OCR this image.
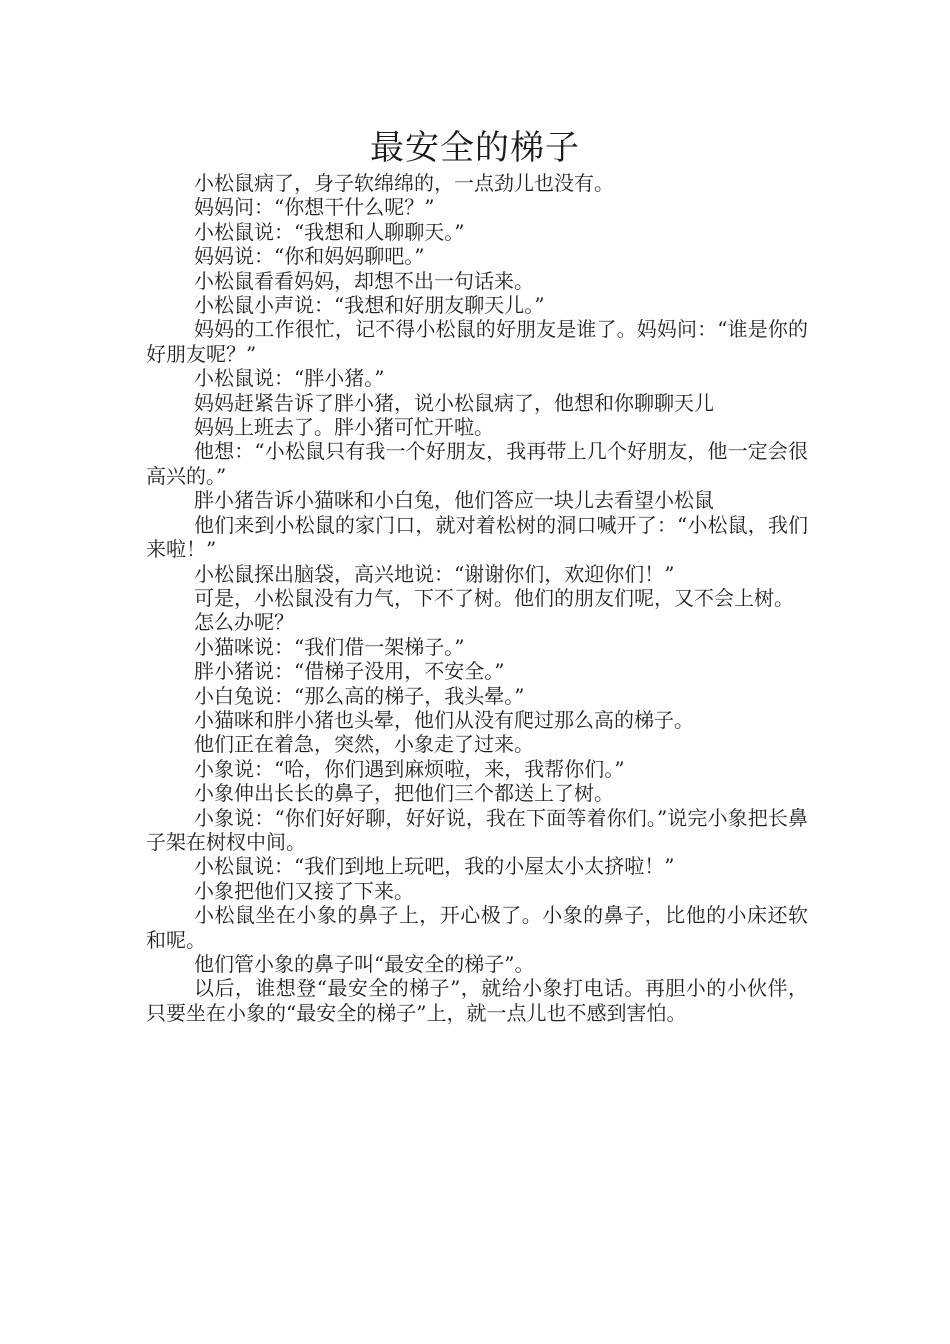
最安全的梯子

小松鼠病了，身子软绵绵的，一点劲儿也没有。

妈妈问：“你想干什么呢？”

小松鼠说：“我想和人聊聊天。”

妈妈说：“你和妈妈聊吧。”

小松鼠看看妈妈，却想不出一句话来。

小松鼠小声说：“我想和好朋友聊天儿。”

妈妈的工作很忙，记不得小松鼠的好朋友是谁了。妈妈问：“谁是你的好朋友呢？”

小松鼠说：“胖小猪。”

妈妈赶紧告诉了胖小猪，说小松鼠病了，他想和你聊聊天儿

妈妈上班去了。胖小猪可忙开啦。

他想：“小松鼠只有我一个好朋友，我再带上几个好朋友，他一定会很高兴的。”

胖小猪告诉小猫咪和小白兔，他们答应一块儿去看望小松鼠

他们来到小松鼠的家门口，就对着松树的洞口喊开了：“小松鼠，我们来啦！”

小松鼠探出脑袋，高兴地说：“谢谢你们，欢迎你们！”

可是，小松鼠没有力气，下不了树。他们的朋友们呢，又不会上树。

怎么办呢？

小猫咪说：“我们借一架梯子。”

胖小猪说：“借梯子没用，不安全。”

小白兔说：“那么高的梯子，我头晕。”

小猫咪和胖小猪也头晕，他们从没有爬过那么高的梯子。

他们正在着急，突然，小象走了过来。

小象说：“哈，你们遇到麻烦啦，来，我帮你们。”

小象伸出长长的鼻子，把他们三个都送上了树。

小象说：“你们好好聊，好好说，我在下面等着你们。”说完小象把长鼻子架在树杈中间。

小松鼠说：“我们到地上玩吧，我的小屋太小太挤啦！”

小象把他们又接了下来。

小松鼠坐在小象的鼻子上，开心极了。小象的鼻子，比他的小床还软和呢。

他们管小象的鼻子叫“最安全的梯子”。

以后，谁想登“最安全的梯子”，就给小象打电话。再胆小的小伙伴，只要坐在小象的“最安全的梯子”上，就一点儿也不感到害怕。
